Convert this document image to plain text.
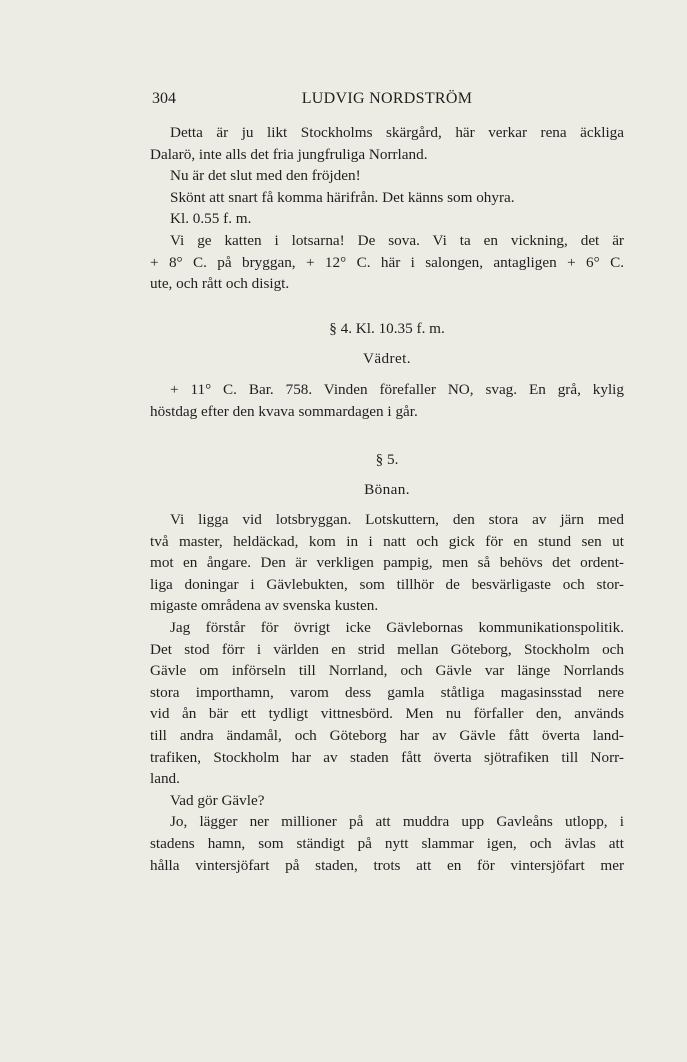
304	LUDVIG NORDSTRÖM
Detta är ju likt Stockholms skärgård, här verkar rena äckliga
Dalarö, inte alls det fria jungfruliga Norrland.
Nu är det slut med den fröjden!
Skönt att snart få komma härifrån. Det känns som ohyra.
Kl. 0.55 f. m.
Vi ge katten i lotsarna! De sova. Vi ta en vickning, det är
+ 8° C. på bryggan, + 12° C. här i salongen, antagligen + 6° C.
ute, och rått och disigt.
§ 4. Kl. 10.35 f. m.
Vädret.
+ 11° C. Bar. 758. Vinden förefaller NO, svag. En grå, kylig
höstdag efter den kvava sommardagen i går.
§ 5.
Bönan.
Vi ligga vid lotsbryggan. Lotskuttern, den stora av järn med
två master, heldäckad, kom in i natt och gick för en stund sen ut
mot en ångare. Den är verkligen pampig, men så behövs det ordent-
liga doningar i Gävlebukten, som tillhör de besvärligaste och stor-
migaste områdena av svenska kusten.
Jag förstår för övrigt icke Gävlebornas kommunikationspolitik.
Det stod förr i världen en strid mellan Göteborg, Stockholm och
Gävle om införseln till Norrland, och Gävle var länge Norrlands
stora importhamn, varom dess gamla ståtliga magasinsstad nere
vid ån bär ett tydligt vittnesbörd. Men nu förfaller den, används
till andra ändamål, och Göteborg har av Gävle fått överta land-
trafiken, Stockholm har av staden fått överta sjötrafiken till Norr-
land.
Vad gör Gävle?
Jo, lägger ner millioner på att muddra upp Gavleåns utlopp, i
stadens hamn, som ständigt på nytt slammar igen, och ävlas att
hålla vintersjöfart på staden, trots att en för vintersjöfart mer
